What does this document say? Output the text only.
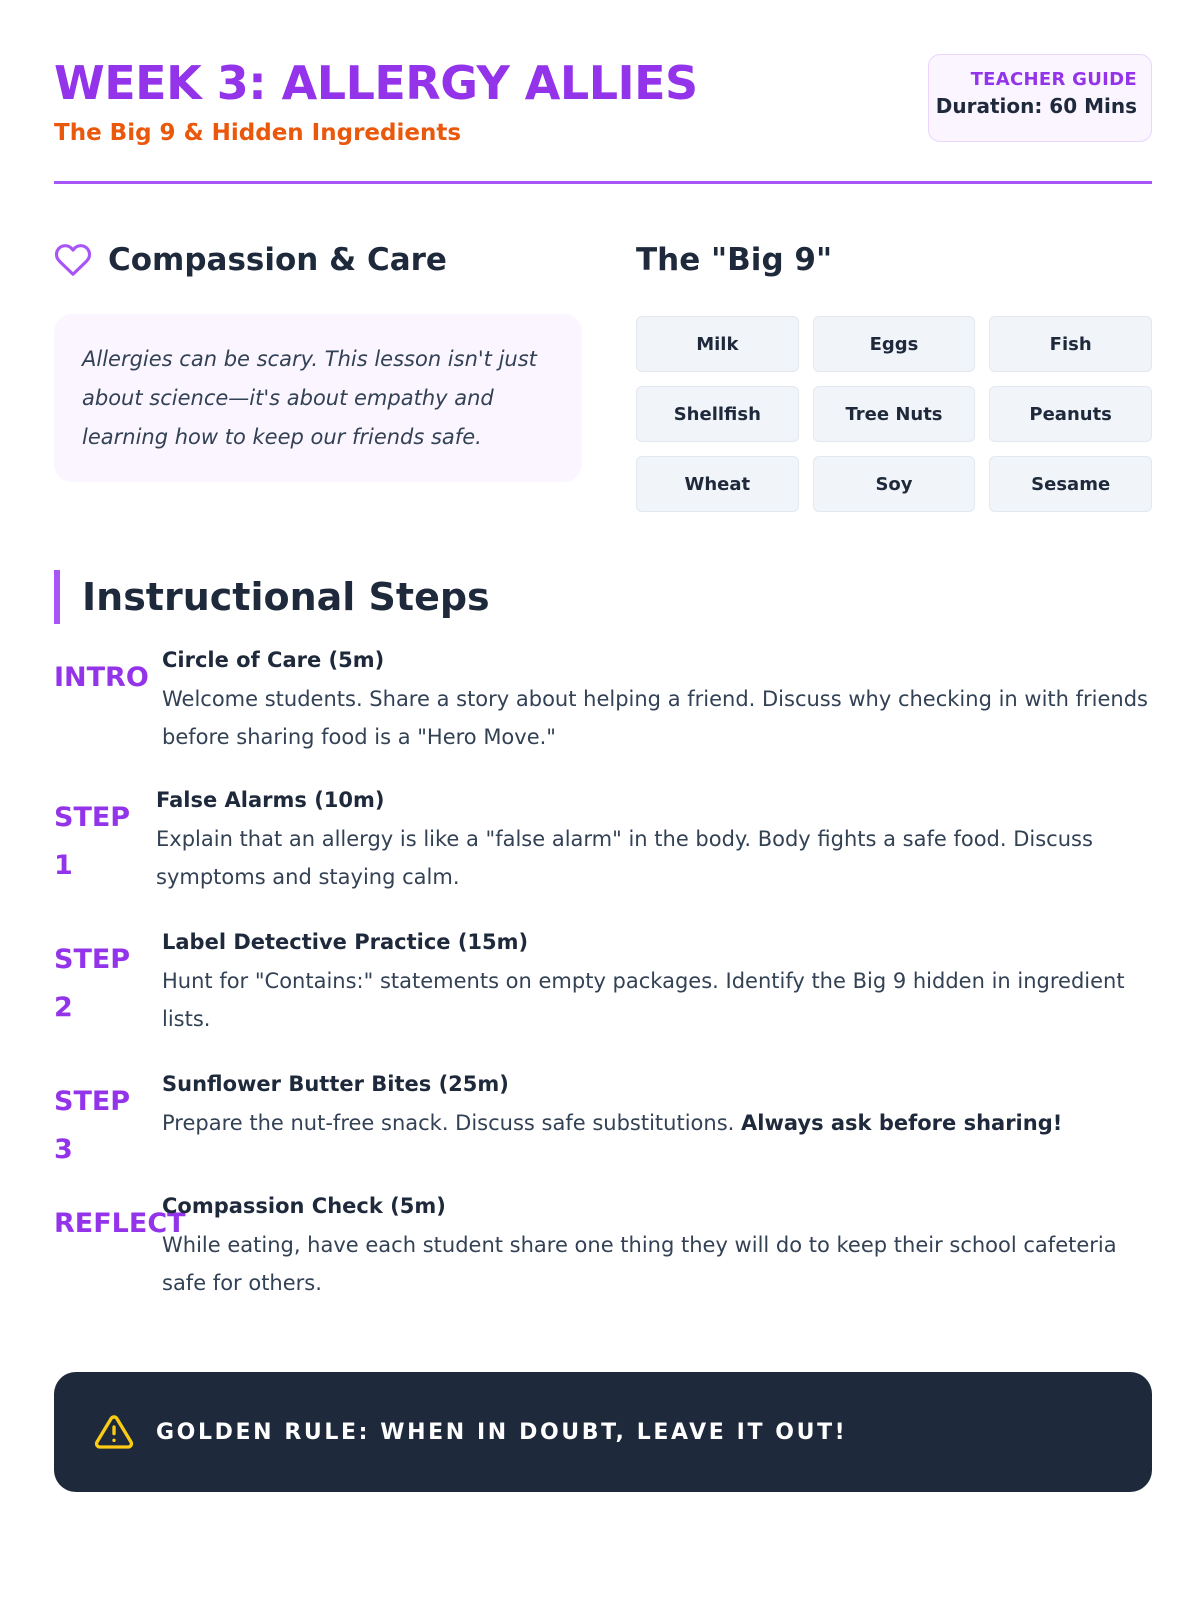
WEEK 3: ALLERGY ALLIES
The Big 9 & Hidden Ingredients
TEACHER GUIDE
Duration: 60 Mins
Compassion & Care

Allergies can be scary. This lesson isn't just about science—it's about empathy and learning how to keep our friends safe.

The "Big 9"
Milk	Eggs	Fish
Shellfish	Tree Nuts	Peanuts
Wheat	Soy	Sesame
Instructional Steps
INTRO
Circle of Care (5m)
Welcome students. Share a story about helping a friend. Discuss why checking in with friends before sharing food is a "Hero Move."
STEP 1
False Alarms (10m)
Explain that an allergy is like a "false alarm" in the body. Body fights a safe food. Discuss symptoms and staying calm.
STEP 2
Label Detective Practice (15m)
Hunt for "Contains:" statements on empty packages. Identify the Big 9 hidden in ingredient lists.
STEP 3
Sunflower Butter Bites (25m)
Prepare the nut-free snack. Discuss safe substitutions. Always ask before sharing!
REFLECT
Compassion Check (5m)
While eating, have each student share one thing they will do to keep their school cafeteria safe for others.
GOLDEN RULE: WHEN IN DOUBT, LEAVE IT OUT!
